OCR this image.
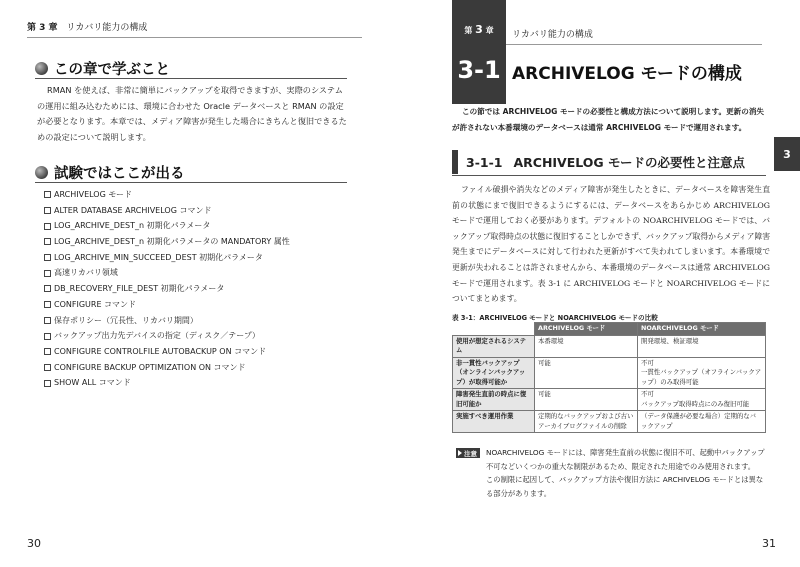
第 3 章 リカバリ能力の構成
この章で学ぶこと
RMAN を使えば、非常に簡単にバックアップを取得できますが、実際のシステムの運用に組み込むためには、環境に合わせた Oracle データベースと RMAN の設定が必要となります。本章では、メディア障害が発生した場合にきちんと復旧できるための設定について説明します。
試験ではここが出る
ARCHIVELOG モード
ALTER DATABASE ARCHIVELOG コマンド
LOG_ARCHIVE_DEST_n 初期化パラメータ
LOG_ARCHIVE_DEST_n 初期化パラメータの MANDATORY 属性
LOG_ARCHIVE_MIN_SUCCEED_DEST 初期化パラメータ
高速リカバリ領域
DB_RECOVERY_FILE_DEST 初期化パラメータ
CONFIGURE コマンド
保存ポリシー（冗長性、リカバリ期間）
バックアップ出力先デバイスの指定（ディスク／テープ）
CONFIGURE CONTROLFILE AUTOBACKUP ON コマンド
CONFIGURE BACKUP OPTIMIZATION ON コマンド
SHOW ALL コマンド
30
第 3 章
3-1
リカバリ能力の構成
ARCHIVELOG モードの構成
3
この節では ARCHIVELOG モードの必要性と構成方法について説明します。更新の消失が許されない本番環境のデータベースは通常 ARCHIVELOG モードで運用されます。
3-1-1 ARCHIVELOG モードの必要性と注意点
ファイル破損や消失などのメディア障害が発生したときに、データベースを障害発生直前の状態にまで復旧できるようにするには、データベースをあらかじめ ARCHIVELOG モードで運用しておく必要があります。デフォルトの NOARCHIVELOG モードでは、バックアップ取得時点の状態に復旧することしかできず、バックアップ取得からメディア障害発生までにデータベースに対して行われた更新がすべて失われてしまいます。本番環境で更新が失われることは許されませんから、本番環境のデータベースは通常 ARCHIVELOG モードで運用されます。表 3-1 に ARCHIVELOG モードと NOARCHIVELOG モードについてまとめます。
表 3-1：ARCHIVELOG モードと NOARCHIVELOG モードの比較
	ARCHIVELOG モード	NOARCHIVELOG モード
使用が想定されるシステム	本番環境	開発環境、検証環境
非一貫性バックアップ（オンラインバックアップ）が取得可能か	可能	不可
一貫性バックアップ（オフラインバックアップ）のみ取得可能
障害発生直前の時点に復旧可能か	可能	不可
バックアップ取得時点にのみ復旧可能
実施すべき運用作業	定期的なバックアップおよび古いアーカイブログファイルの削除	（データ保護が必要な場合）定期的なバックアップ
注意 NOARCHIVELOG モードには、障害発生直前の状態に復旧不可、起動中バックアップ不可などいくつかの重大な制限があるため、限定された用途でのみ使用されます。

この制限に起因して、バックアップ方法や復旧方法に ARCHIVELOG モードとは異なる部分があります。

31
